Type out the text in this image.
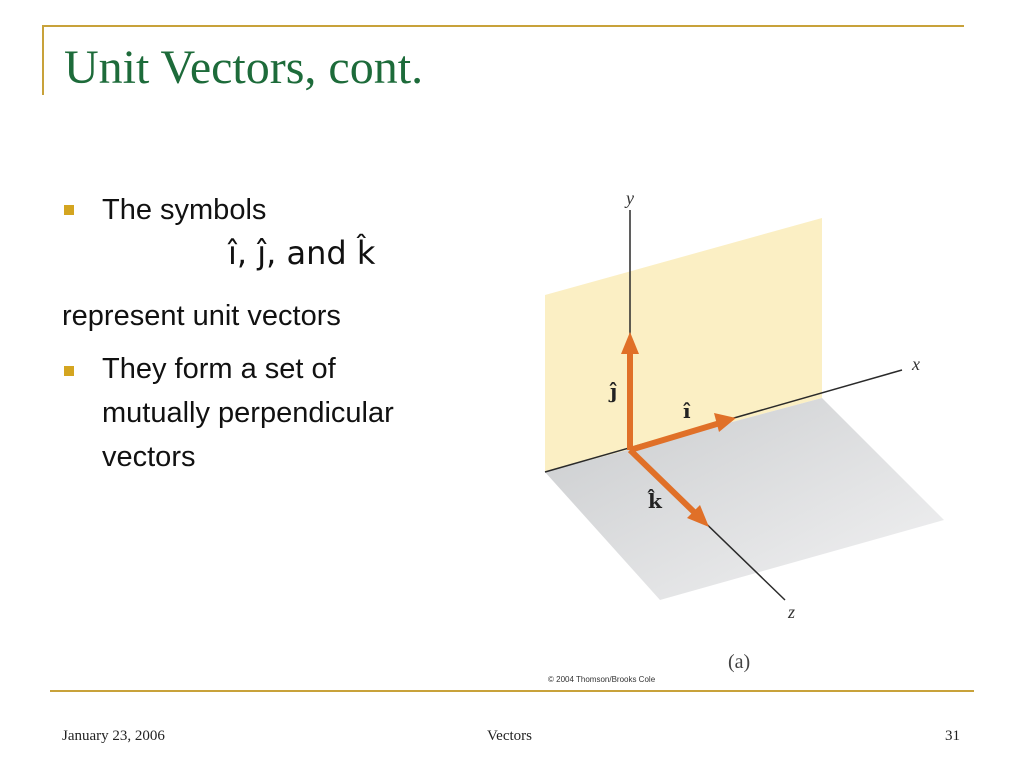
Unit Vectors, cont.
The symbols
î, ĵ, and k̂
represent unit vectors
They form a set of
mutually perpendicular
vectors
y
x
z
ĵ
î
k̂
(a)
© 2004 Thomson/Brooks Cole
January 23, 2006	Vectors	31
